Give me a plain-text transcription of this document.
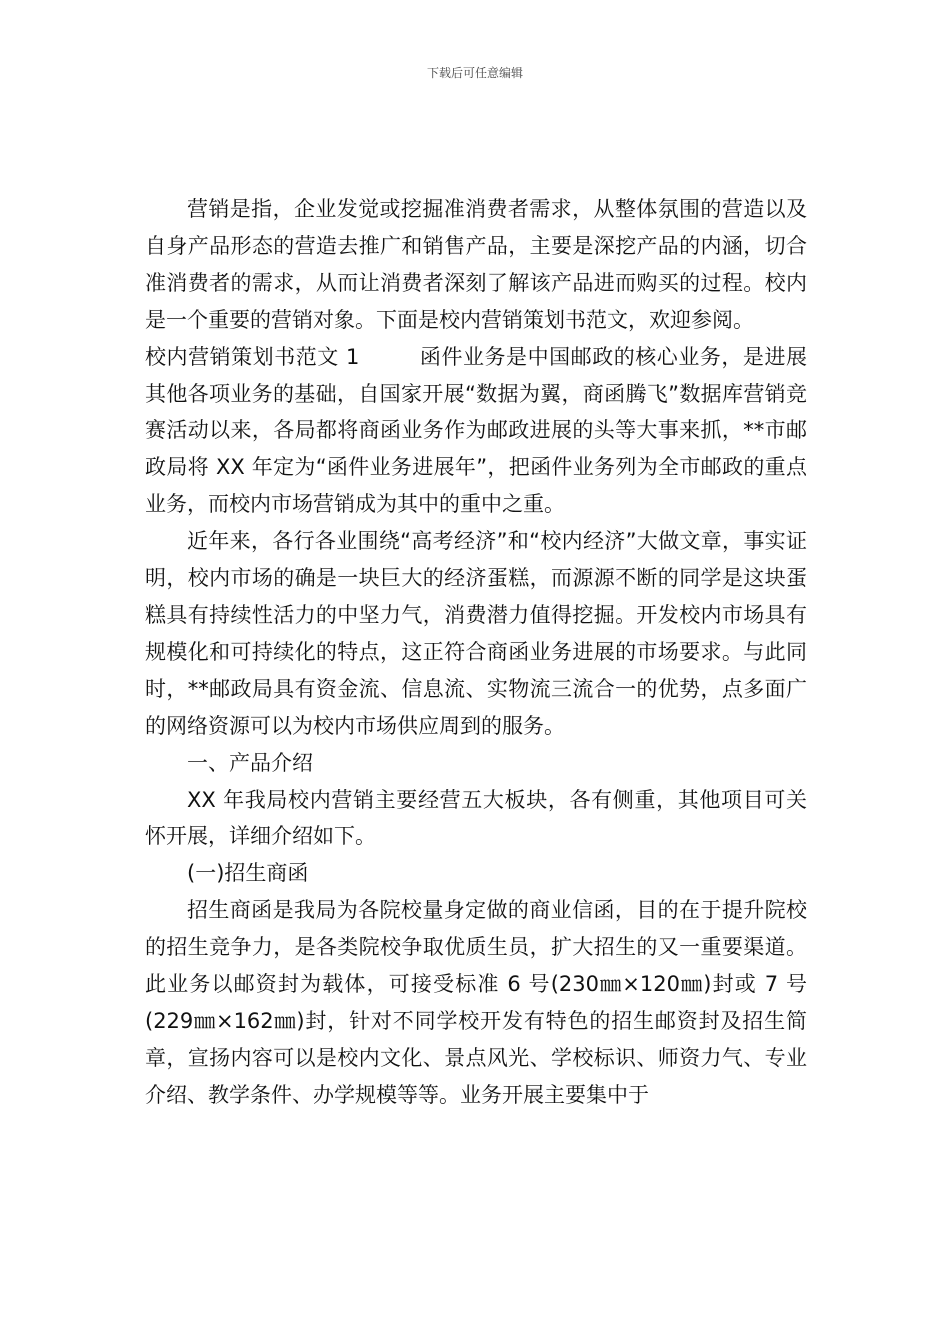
下载后可任意编辑

营销是指，企业发觉或挖掘准消费者需求，从整体氛围的营造以及自身产品形态的营造去推广和销售产品，主要是深挖产品的内涵，切合准消费者的需求，从而让消费者深刻了解该产品进而购买的过程。校内是一个重要的营销对象。下面是校内营销策划书范文，欢迎参阅。

校内营销策划书范文 1	函件业务是中国邮政的核心业务，是进展其他各项业务的基础，自国家开展“数据为翼，商函腾飞”数据库营销竞赛活动以来，各局都将商函业务作为邮政进展的头等大事来抓，**市邮政局将 XX 年定为“函件业务进展年”，把函件业务列为全市邮政的重点业务，而校内市场营销成为其中的重中之重。

近年来，各行各业围绕“高考经济”和“校内经济”大做文章，事实证明，校内市场的确是一块巨大的经济蛋糕，而源源不断的同学是这块蛋糕具有持续性活力的中坚力气，消费潜力值得挖掘。开发校内市场具有规模化和可持续化的特点，这正符合商函业务进展的市场要求。与此同时，**邮政局具有资金流、信息流、实物流三流合一的优势，点多面广的网络资源可以为校内市场供应周到的服务。

一、产品介绍

XX 年我局校内营销主要经营五大板块，各有侧重，其他项目可关怀开展，详细介绍如下。

(一)招生商函

招生商函是我局为各院校量身定做的商业信函，目的在于提升院校的招生竞争力，是各类院校争取优质生员，扩大招生的又一重要渠道。此业务以邮资封为载体，可接受标准 6 号(230㎜×120㎜)封或 7 号(229㎜×162㎜)封，针对不同学校开发有特色的招生邮资封及招生简章，宣扬内容可以是校内文化、景点风光、学校标识、师资力气、专业介绍、教学条件、办学规模等等。业务开展主要集中于
